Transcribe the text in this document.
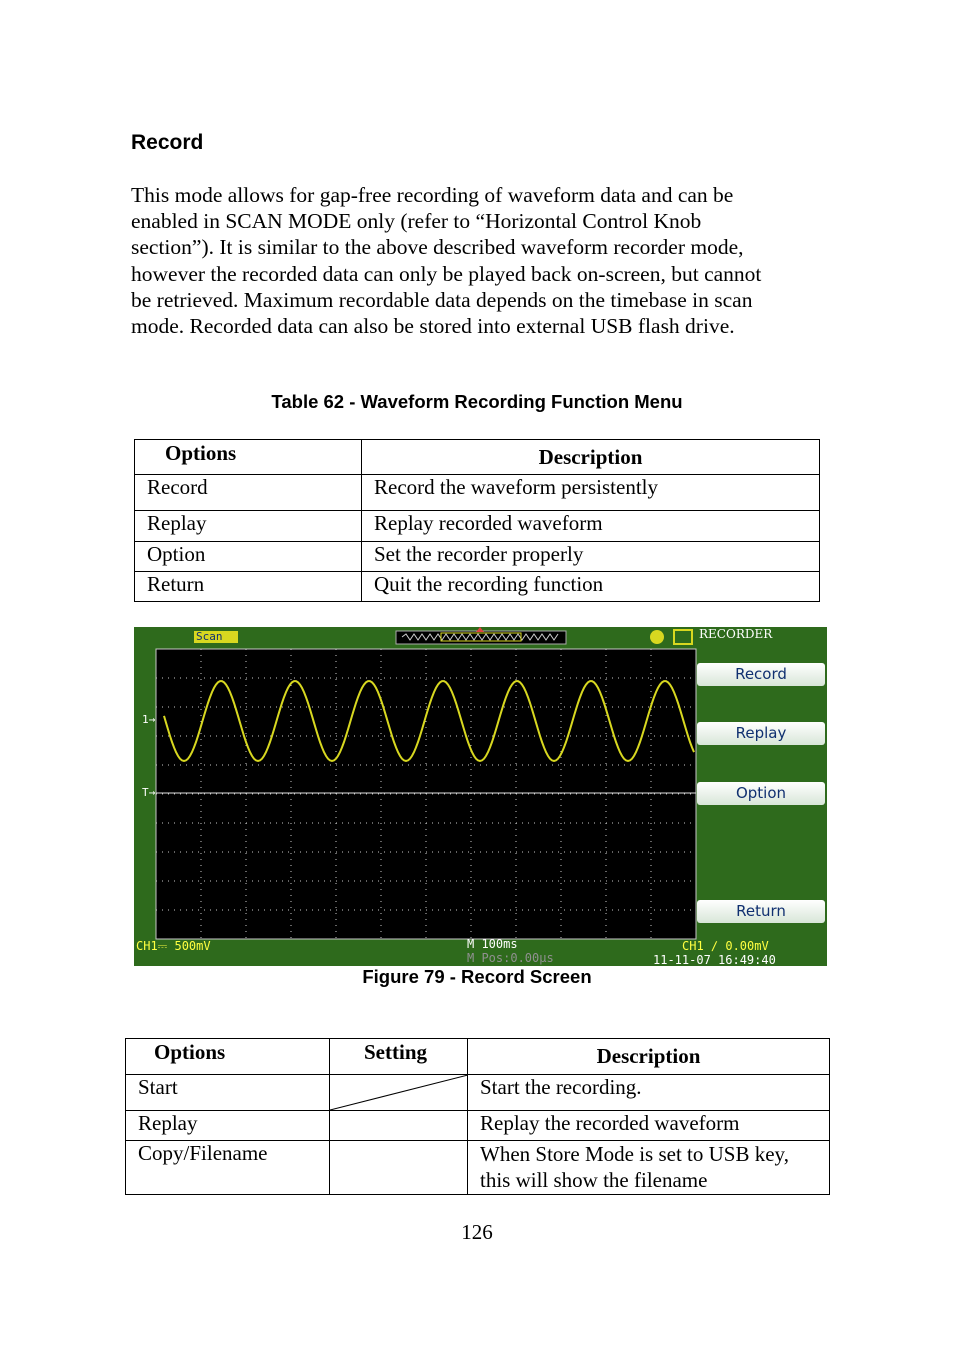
Record
This mode allows for gap-free recording of waveform data and can be
enabled in SCAN MODE only (refer to “Horizontal Control Knob
section”). It is similar to the above described waveform recorder mode,
however the recorded data can only be played back on-screen, but cannot
be retrieved. Maximum recordable data depends on the timebase in scan
mode. Recorded data can also be stored into external USB flash drive.
Table 62 - Waveform Recording Function Menu
Options	Description
Record	Record the waveform persistently
Replay	Replay recorded waveform
Option	Set the recorder properly
Return	Quit the recording function
Scan	RECORDER
1→
T→
Record
Replay
Option
Return
CH1⎓ 500mV	M 100ms
M Pos:0.00μs
CH1 ∕ 0.00mV
11-11-07 16:49:40
Figure 79 - Record Screen
Options	Setting	Description
Start		Start the recording.
Replay		Replay the recorded waveform
Copy/Filename		When Store Mode is set to USB key, this will show the filename
126
